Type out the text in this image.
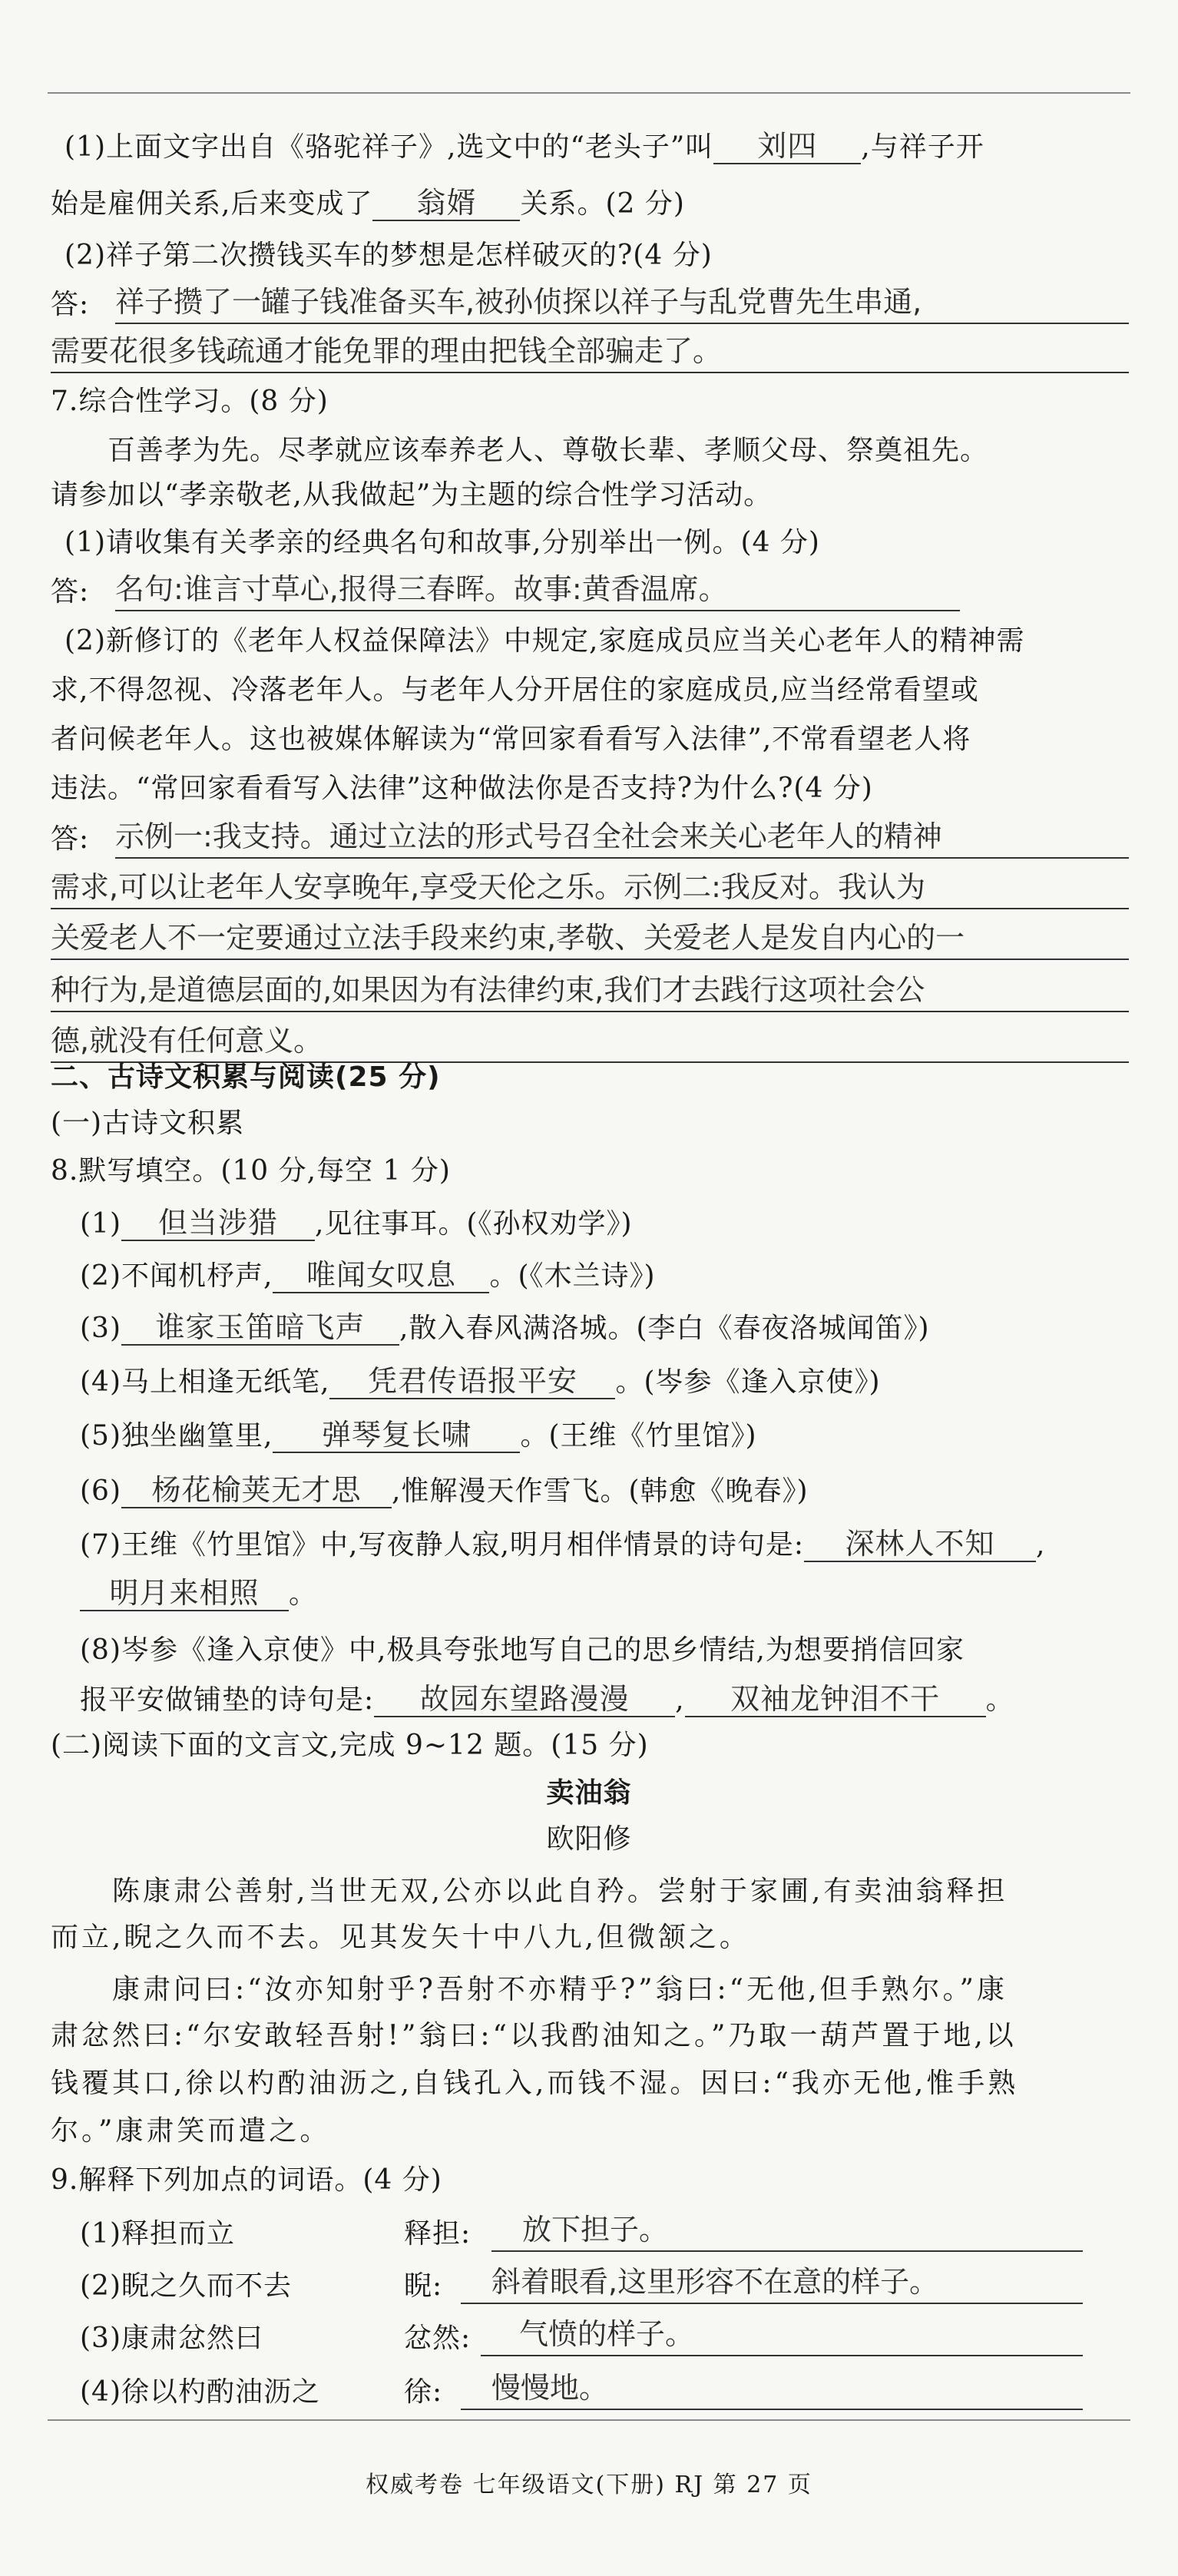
(1)上面文字出自《骆驼祥子》,选文中的“老头子”叫 刘四 ,与祥子开
始是雇佣关系,后来变成了 翁婿 关系。(2 分)
(2)祥子第二次攒钱买车的梦想是怎样破灭的?(4 分)
答: 祥子攒了一罐子钱准备买车,被孙侦探以祥子与乱党曹先生串通,
需要花很多钱疏通才能免罪的理由把钱全部骗走了。
7.综合性学习。(8 分)
百善孝为先。尽孝就应该奉养老人、尊敬长辈、孝顺父母、祭奠祖先。
请参加以“孝亲敬老,从我做起”为主题的综合性学习活动。
(1)请收集有关孝亲的经典名句和故事,分别举出一例。(4 分)
答: 名句:谁言寸草心,报得三春晖。故事:黄香温席。
(2)新修订的《老年人权益保障法》中规定,家庭成员应当关心老年人的精神需
求,不得忽视、冷落老年人。与老年人分开居住的家庭成员,应当经常看望或
者问候老年人。这也被媒体解读为“常回家看看写入法律”,不常看望老人将
违法。“常回家看看写入法律”这种做法你是否支持?为什么?(4 分)
答: 示例一:我支持。通过立法的形式号召全社会来关心老年人的精神
需求,可以让老年人安享晚年,享受天伦之乐。示例二:我反对。我认为
关爱老人不一定要通过立法手段来约束,孝敬、关爱老人是发自内心的一
种行为,是道德层面的,如果因为有法律约束,我们才去践行这项社会公
德,就没有任何意义。
二、古诗文积累与阅读(25 分)
(一)古诗文积累
8.默写填空。(10 分,每空 1 分)
(1) 但当涉猎 ,见往事耳。(《孙权劝学》)
(2)不闻机杼声, 唯闻女叹息 。(《木兰诗》)
(3) 谁家玉笛暗飞声 ,散入春风满洛城。(李白《春夜洛城闻笛》)
(4)马上相逢无纸笔, 凭君传语报平安 。(岑参《逢入京使》)
(5)独坐幽篁里, 弹琴复长啸 。(王维《竹里馆》)
(6) 杨花榆荚无才思 ,惟解漫天作雪飞。(韩愈《晚春》)
(7)王维《竹里馆》中,写夜静人寂,明月相伴情景的诗句是: 深林人不知 ,
明月来相照 。
(8)岑参《逢入京使》中,极具夸张地写自己的思乡情结,为想要捎信回家
报平安做铺垫的诗句是: 故园东望路漫漫 , 双袖龙钟泪不干 。
(二)阅读下面的文言文,完成 9~12 题。(15 分)
卖油翁
欧阳修
陈康肃公善射,当世无双,公亦以此自矜。尝射于家圃,有卖油翁释担
而立,睨之久而不去。见其发矢十中八九,但微颔之。
康肃问曰:“汝亦知射乎?吾射不亦精乎?”翁曰:“无他,但手熟尔。”康
肃忿然曰:“尔安敢轻吾射!”翁曰:“以我酌油知之。”乃取一葫芦置于地,以
钱覆其口,徐以杓酌油沥之,自钱孔入,而钱不湿。因曰:“我亦无他,惟手熟
尔。”康肃笑而遣之。
9.解释下列加点的词语。(4 分)
(1)释担而立	释担:	放下担子。
(2)睨之久而不去	睨:	斜着眼看,这里形容不在意的样子。
(3)康肃忿然曰	忿然:	气愤的样子。
(4)徐以杓酌油沥之	徐:	慢慢地。
权威考卷 七年级语文(下册) RJ 第 27 页
